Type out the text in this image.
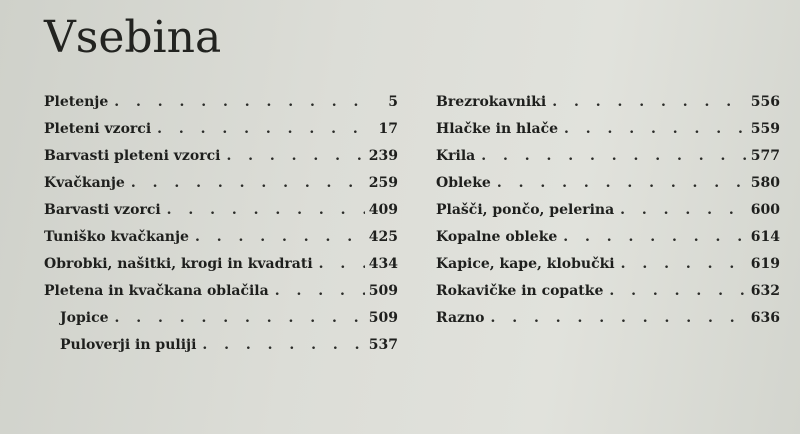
Vsebina
Pletenje . . .	5
Pleteni vzorci . . .	17
Barvasti pleteni vzorci . . .	239
Kvačkanje . . .	259
Barvasti vzorci . . .	409
Tuniško kvačkanje . . .	425
Obrobki, našitki, krogi in kvadrati . . .	434
Pletena in kvačkana oblačila . . .	509
Jopice . . .	509
Puloverji in puliji . . .	537
Brezrokavniki . . .	556
Hlačke in hlače . . .	559
Krila . . .	577
Obleke . . .	580
Plašči, pončo, pelerina . . .	600
Kopalne obleke . . .	614
Kapice, kape, klobučki . . .	619
Rokavičke in copatke . . .	632
Razno . . .	636
